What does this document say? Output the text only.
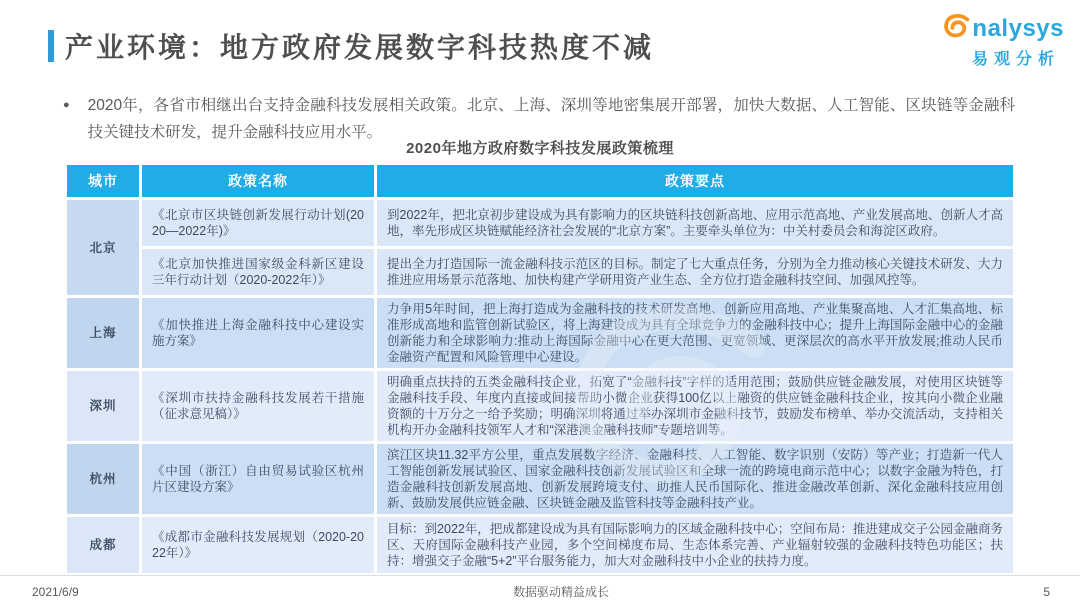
产业环境：地方政府发展数字科技热度不减
nalysys
易观分析
● 2020年，各省市相继出台支持金融科技发展相关政策。北京、上海、深圳等地密集展开部署，加快大数据、人工智能、区块链等金融科技关键技术研发，提升金融科技应用水平。
2020年地方政府数字科技发展政策梳理
城市	政策名称	政策要点
北京	《北京市区块链创新发展行动计划(2020—2022年)》	到2022年，把北京初步建设成为具有影响力的区块链科技创新高地、应用示范高地、产业发展高地、创新人才高地，率先形成区块链赋能经济社会发展的“北京方案”。主要牵头单位为：中关村委员会和海淀区政府。
	《北京加快推进国家级金科新区建设三年行动计划（2020-2022年）》	提出全力打造国际一流金融科技示范区的目标。制定了七大重点任务，分别为全力推动核心关键技术研发、大力推进应用场景示范落地、加快构建产学研用资产业生态、全方位打造金融科技空间、加强风控等。
上海	《加快推进上海金融科技中心建设实施方案》	力争用5年时间，把上海打造成为金融科技的技术研发高地、创新应用高地、产业集聚高地、人才汇集高地、标准形成高地和监管创新试验区，将上海建设成为具有全球竞争力的金融科技中心；提升上海国际金融中心的金融创新能力和全球影响力:推动上海国际金融中心在更大范围、更宽领域、更深层次的高水平开放发展;推动人民币金融资产配置和风险管理中心建设。
深圳	《深圳市扶持金融科技发展若干措施（征求意见稿）》	明确重点扶持的五类金融科技企业，拓宽了“金融科技”字样的适用范围；鼓励供应链金融发展，对使用区块链等金融科技手段、年度内直接或间接帮助小微企业获得100亿以上融资的供应链金融科技企业，按其向小微企业融资额的十万分之一给予奖励；明确深圳将通过举办深圳市金融科技节，鼓励发布榜单、举办交流活动，支持相关机构开办金融科技领军人才和“深港澳金融科技师”专题培训等。
杭州	《中国（浙江）自由贸易试验区杭州片区建设方案》	滨江区块11.32平方公里，重点发展数字经济、金融科技、人工智能、数字识别（安防）等产业；打造新一代人工智能创新发展试验区、国家金融科技创新发展试验区和全球一流的跨境电商示范中心；以数字金融为特色，打造金融科技创新发展高地、创新发展跨境支付、助推人民币国际化、推进金融改革创新、深化金融科技应用创新、鼓励发展供应链金融、区块链金融及监管科技等金融科技产业。
成都	《成都市金融科技发展规划（2020-2022年）》	目标：到2022年，把成都建设成为具有国际影响力的区域金融科技中心；空间布局：推进建成交子公园金融商务区、天府国际金融科技产业园，多个空间梯度布局、生态体系完善、产业辐射较强的金融科技特色功能区；扶持：增强交子金融“5+2”平台服务能力，加大对金融科技中小企业的扶持力度。
2021/6/9	数据驱动精益成长	5
